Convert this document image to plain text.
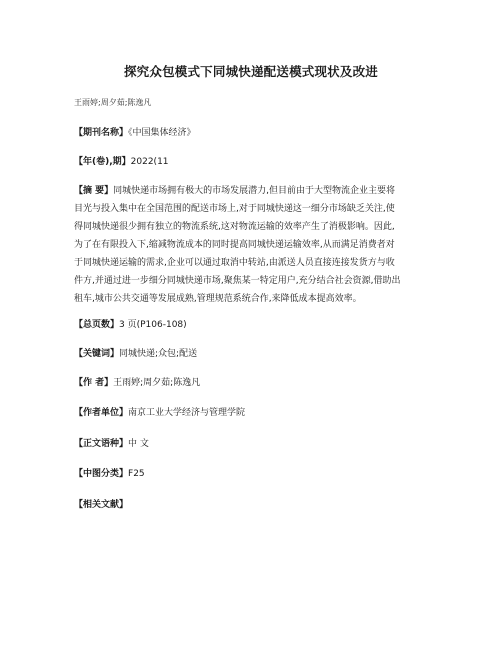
探究众包模式下同城快递配送模式现状及改进
王雨婷;周夕茹;陈逸凡
【期刊名称】《中国集体经济》
【年(卷),期】2022(11
【摘 要】同城快递市场拥有极大的市场发展潜力,但目前由于大型物流企业主要将
目光与投入集中在全国范围的配送市场上,对于同城快递这一细分市场缺乏关注,使
得同城快递很少拥有独立的物流系统,这对物流运输的效率产生了消极影响。因此,
为了在有限投入下,缩减物流成本的同时提高同城快递运输效率,从而满足消费者对
于同城快递运输的需求,企业可以通过取消中转站,由派送人员直接连接发货方与收
件方,并通过进一步细分同城快递市场,聚焦某一特定用户,充分结合社会资源,借助出
租车,城市公共交通等发展成熟,管理规范系统合作,来降低成本提高效率。
【总页数】3 页(P106-108)
【关键词】同城快递;众包;配送
【作 者】王雨婷;周夕茹;陈逸凡
【作者单位】南京工业大学经济与管理学院
【正文语种】中 文
【中图分类】F25
【相关文献】
